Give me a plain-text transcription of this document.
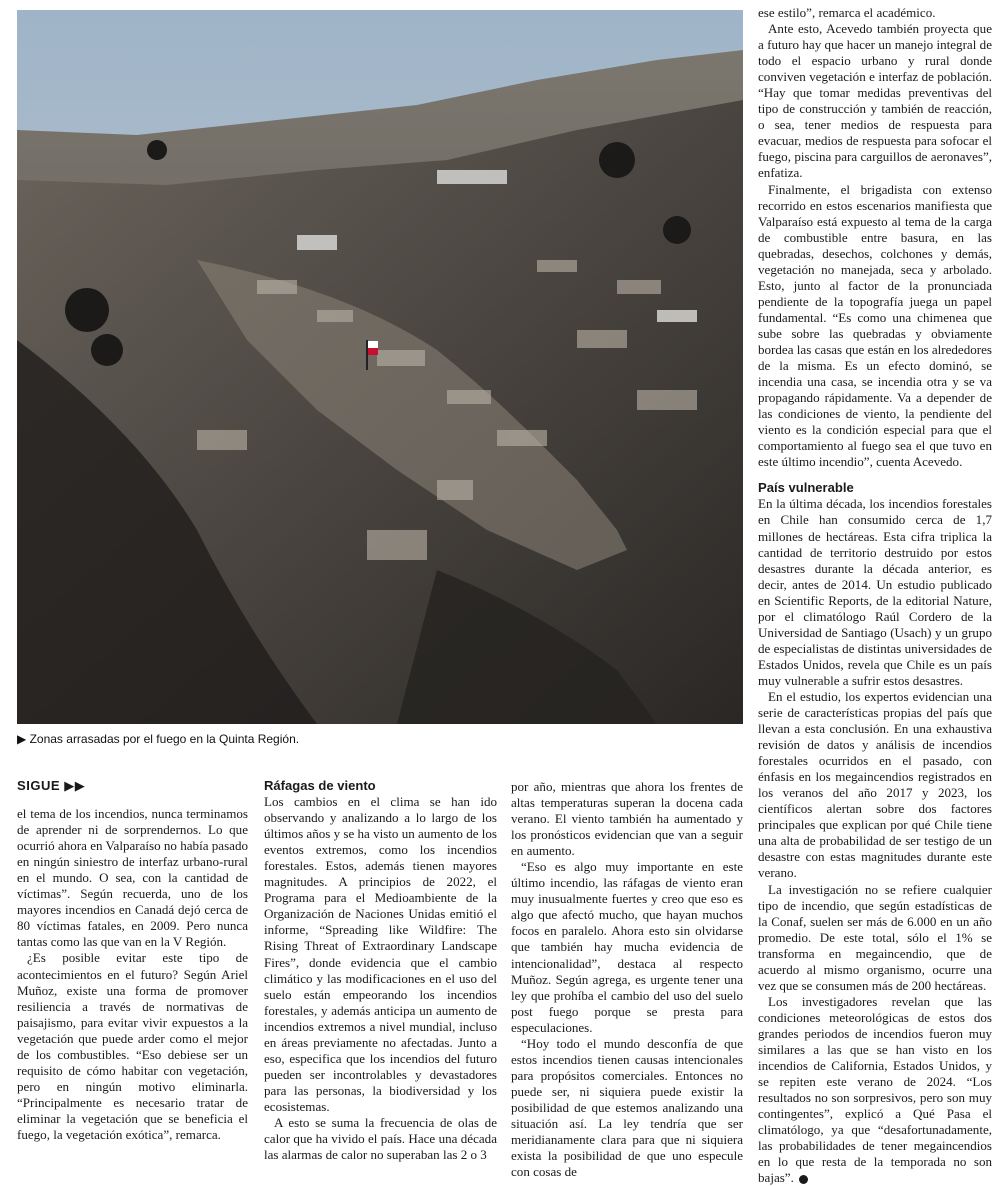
▶ Zonas arrasadas por el fuego en la Quinta Región.

SIGUE ▶▶

el tema de los incendios, nunca terminamos de aprender ni de sorprendernos. Lo que ocurrió ahora en Valparaíso no había pasado en ningún siniestro de interfaz urbano-rural en el mundo. O sea, con la cantidad de víctimas”. Según recuerda, uno de los mayores incendios en Canadá dejó cerca de 80 víctimas fatales, en 2009. Pero nunca tantas como las que van en la V Región.

¿Es posible evitar este tipo de acontecimientos en el futuro? Según Ariel Muñoz, existe una forma de promover resiliencia a través de normativas de paisajismo, para evitar vivir expuestos a la vegetación que puede arder como el mejor de los combustibles. “Eso debiese ser un requisito de cómo habitar con vegetación, pero en ningún motivo eliminarla. “Principalmente es necesario tratar de eliminar la vegetación que se beneficia el fuego, la vegetación exótica”, remarca.

Ráfagas de viento

Los cambios en el clima se han ido observando y analizando a lo largo de los últimos años y se ha visto un aumento de los eventos extremos, como los incendios forestales. Estos, además tienen mayores magnitudes. A principios de 2022, el Programa para el Medioambiente de la Organización de Naciones Unidas emitió el informe, “Spreading like Wildfire: The Rising Threat of Extraordinary Landscape Fires”, donde evidencia que el cambio climático y las modificaciones en el uso del suelo están empeorando los incendios forestales, y además anticipa un aumento de incendios extremos a nivel mundial, incluso en áreas previamente no afectadas. Junto a eso, especifica que los incendios del futuro pueden ser incontrolables y devastadores para las personas, la biodiversidad y los ecosistemas.

A esto se suma la frecuencia de olas de calor que ha vivido el país. Hace una década las alarmas de calor no superaban las 2 o 3

por año, mientras que ahora los frentes de altas temperaturas superan la docena cada verano. El viento también ha aumentado y los pronósticos evidencian que van a seguir en aumento.

“Eso es algo muy importante en este último incendio, las ráfagas de viento eran muy inusualmente fuertes y creo que eso es algo que afectó mucho, que hayan muchos focos en paralelo. Ahora esto sin olvidarse que también hay mucha evidencia de intencionalidad”, destaca al respecto Muñoz. Según agrega, es urgente tener una ley que prohíba el cambio del uso del suelo post fuego porque se presta para especulaciones.

“Hoy todo el mundo desconfía de que estos incendios tienen causas intencionales para propósitos comerciales. Entonces no puede ser, ni siquiera puede existir la posibilidad de que estemos analizando una situación así. La ley tendría que ser meridianamente clara para que ni siquiera exista la posibilidad de que uno especule con cosas de

ese estilo”, remarca el académico.

Ante esto, Acevedo también proyecta que a futuro hay que hacer un manejo integral de todo el espacio urbano y rural donde conviven vegetación e interfaz de población. “Hay que tomar medidas preventivas del tipo de construcción y también de reacción, o sea, tener medios de respuesta para evacuar, medios de respuesta para sofocar el fuego, piscina para carguillos de aeronaves”, enfatiza.

Finalmente, el brigadista con extenso recorrido en estos escenarios manifiesta que Valparaíso está expuesto al tema de la carga de combustible entre basura, en las quebradas, desechos, colchones y demás, vegetación no manejada, seca y arbolado. Esto, junto al factor de la pronunciada pendiente de la topografía juega un papel fundamental. “Es como una chimenea que sube sobre las quebradas y obviamente bordea las casas que están en los alrededores de la misma. Es un efecto dominó, se incendia una casa, se incendia otra y se va propagando rápidamente. Va a depender de las condiciones de viento, la pendiente del viento es la condición especial para que el comportamiento al fuego sea el que tuvo en este último incendio”, cuenta Acevedo.

País vulnerable

En la última década, los incendios forestales en Chile han consumido cerca de 1,7 millones de hectáreas. Esta cifra triplica la cantidad de territorio destruido por estos desastres durante la década anterior, es decir, antes de 2014. Un estudio publicado en Scientific Reports, de la editorial Nature, por el climatólogo Raúl Cordero de la Universidad de Santiago (Usach) y un grupo de especialistas de distintas universidades de Estados Unidos, revela que Chile es un país muy vulnerable a sufrir estos desastres.

En el estudio, los expertos evidencian una serie de características propias del país que llevan a esta conclusión. En una exhaustiva revisión de datos y análisis de incendios forestales ocurridos en el pasado, con énfasis en los megaincendios registrados en los veranos del año 2017 y 2023, los científicos alertan sobre dos factores principales que explican por qué Chile tiene una alta de probabilidad de ser testigo de un desastre con estas magnitudes durante este verano.

La investigación no se refiere cualquier tipo de incendio, que según estadísticas de la Conaf, suelen ser más de 6.000 en un año promedio. De este total, sólo el 1% se transforma en megaincendio, que de acuerdo al mismo organismo, ocurre una vez que se consumen más de 200 hectáreas.

Los investigadores revelan que las condiciones meteorológicas de estos dos grandes periodos de incendios fueron muy similares a las que se han visto en los incendios de California, Estados Unidos, y se repiten este verano de 2024. “Los resultados no son sorpresivos, pero son muy contingentes”, explicó a Qué Pasa el climatólogo, ya que “desafortunadamente, las probabilidades de tener megaincendios en lo que resta de la temporada no son bajas”.
